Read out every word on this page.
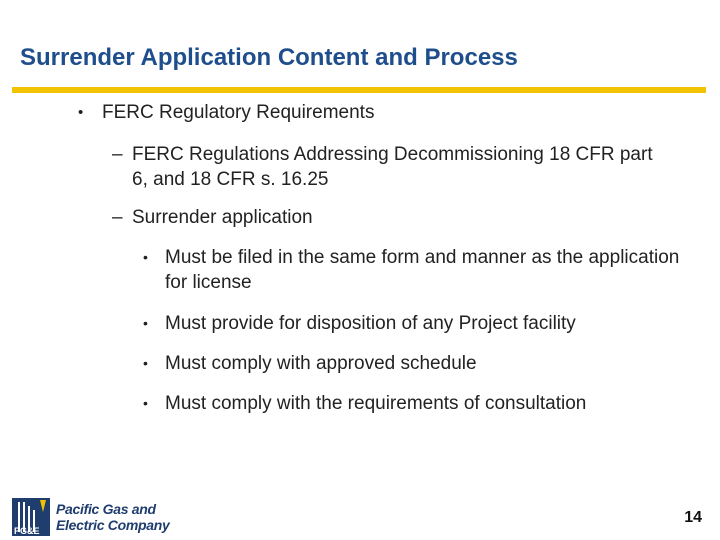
Surrender Application Content and Process
• FERC Regulatory Requirements
– FERC Regulations Addressing Decommissioning 18 CFR part 6, and 18 CFR s. 16.25
– Surrender application
• Must be filed in the same form and manner as the application for license
• Must provide for disposition of any Project facility
• Must comply with approved schedule
• Must comply with the requirements of consultation
PG&E
Pacific Gas and
Electric Company	14
